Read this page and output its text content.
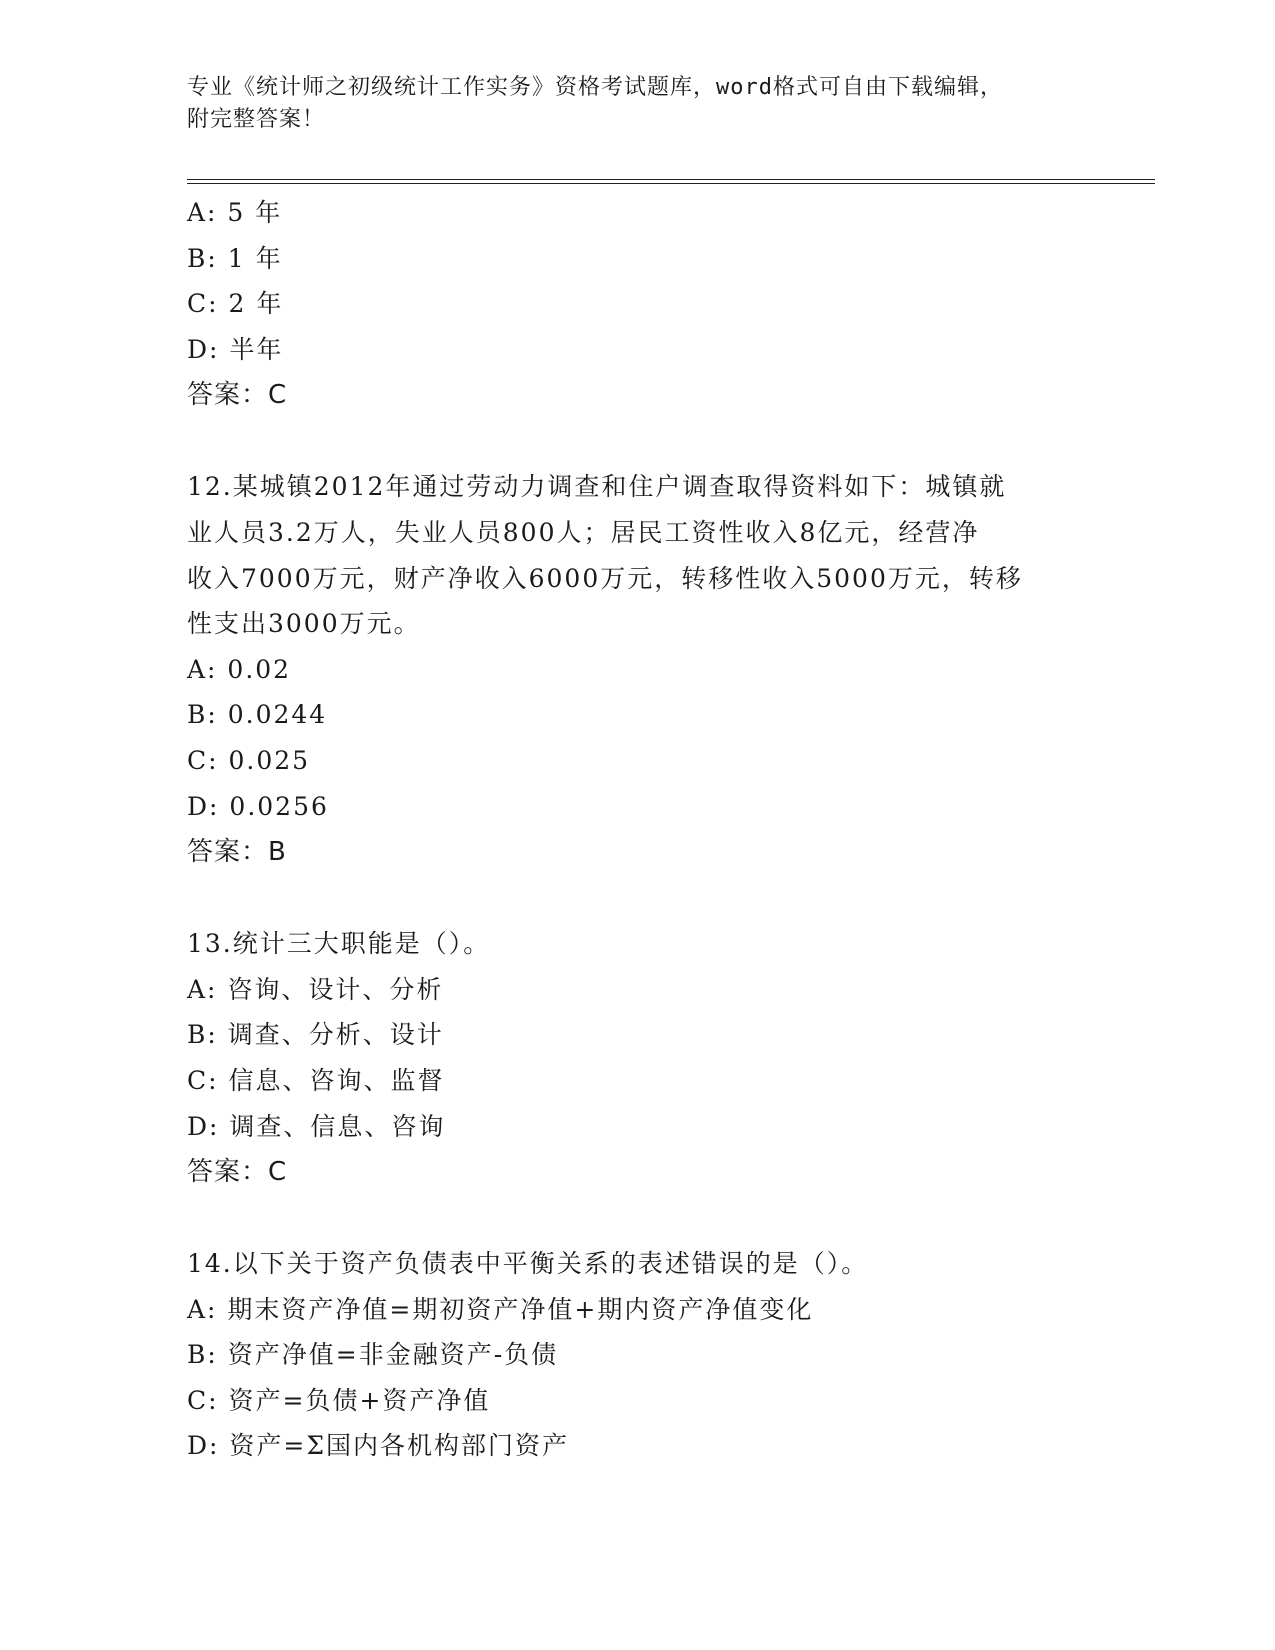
专业《统计师之初级统计工作实务》资格考试题库，word格式可自由下载编辑，
附完整答案！
A: 5 年
B: 1 年
C: 2 年
D: 半年
答案：C
12.某城镇2012年通过劳动力调查和住户调查取得资料如下：城镇就
业人员3.2万人，失业人员800人；居民工资性收入8亿元，经营净
收入7000万元，财产净收入6000万元，转移性收入5000万元，转移
性支出3000万元。
A: 0.02
B: 0.0244
C: 0.025
D: 0.0256
答案：B
13.统计三大职能是（）。
A: 咨询、设计、分析
B: 调查、分析、设计
C: 信息、咨询、监督
D: 调查、信息、咨询
答案：C
14.以下关于资产负债表中平衡关系的表述错误的是（）。
A: 期末资产净值=期初资产净值+期内资产净值变化
B: 资产净值=非金融资产-负债
C: 资产=负债+资产净值
D: 资产=Σ国内各机构部门资产
